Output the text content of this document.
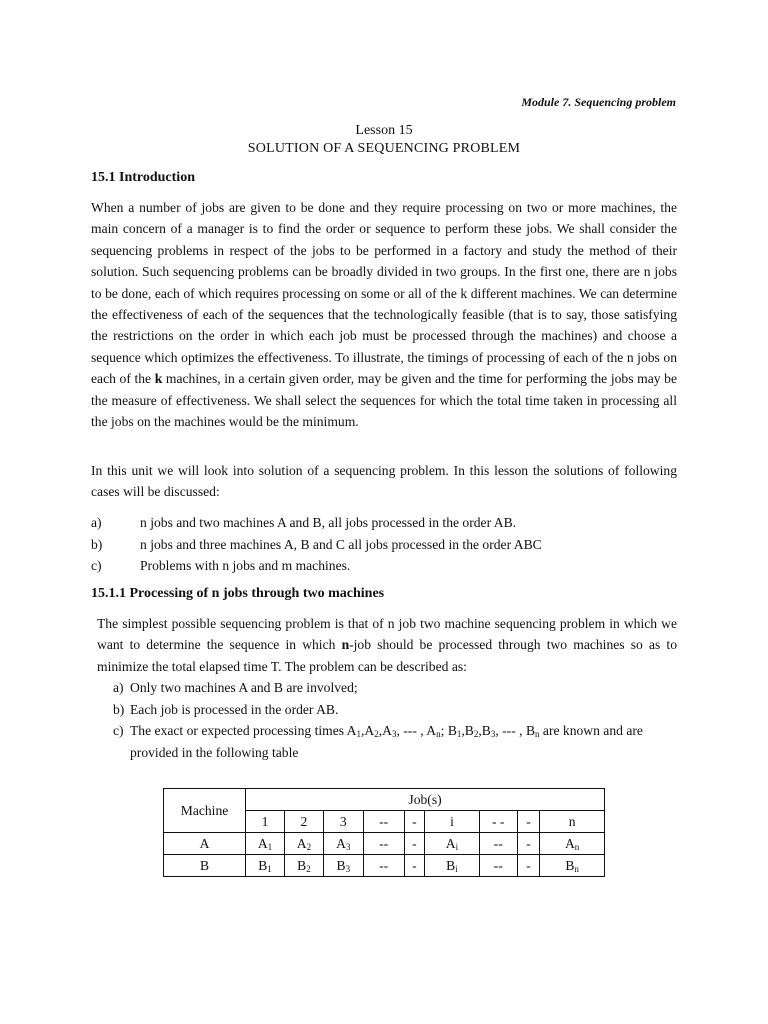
Module 7. Sequencing problem
Lesson 15
SOLUTION OF A SEQUENCING PROBLEM
15.1 Introduction

When a number of jobs are given to be done and they require processing on two or more machines, the main concern of a manager is to find the order or sequence to perform these jobs. We shall consider the sequencing problems in respect of the jobs to be performed in a factory and study the method of their solution. Such sequencing problems can be broadly divided in two groups. In the first one, there are n jobs to be done, each of which requires processing on some or all of the k different machines. We can determine the effectiveness of each of the sequences that the technologically feasible (that is to say, those satisfying the restrictions on the order in which each job must be processed through the machines) and choose a sequence which optimizes the effectiveness. To illustrate, the timings of processing of each of the n jobs on each of the k machines, in a certain given order, may be given and the time for performing the jobs may be the measure of effectiveness. We shall select the sequences for which the total time taken in processing all the jobs on the machines would be the minimum.

In this unit we will look into solution of a sequencing problem. In this lesson the solutions of following cases will be discussed:

a)	n jobs and two machines A and B, all jobs processed in the order AB.
b)	n jobs and three machines A, B and C all jobs processed in the order ABC
c)	Problems with n jobs and m machines.
15.1.1 Processing of n jobs through two machines

The simplest possible sequencing problem is that of n job two machine sequencing problem in which we want to determine the sequence in which n-job should be processed through two machines so as to minimize the total elapsed time T. The problem can be described as:

a) Only two machines A and B are involved;
b) Each job is processed in the order AB.
c) The exact or expected processing times $A_1,A_2,A_3$, --- , $A_n$; $B_1,B_2,B_3$, --- , $B_n$ are known and are provided in the following table
Machine	Job(s)								
	1	2	3	--	-	i	- -	-	n
A	$A_1$	$A_2$	$A_3$	--	-	$A_i$	--	-	$A_n$
B	$B_1$	$B_2$	$B_3$	--	-	$B_i$	--	-	$B_n$
